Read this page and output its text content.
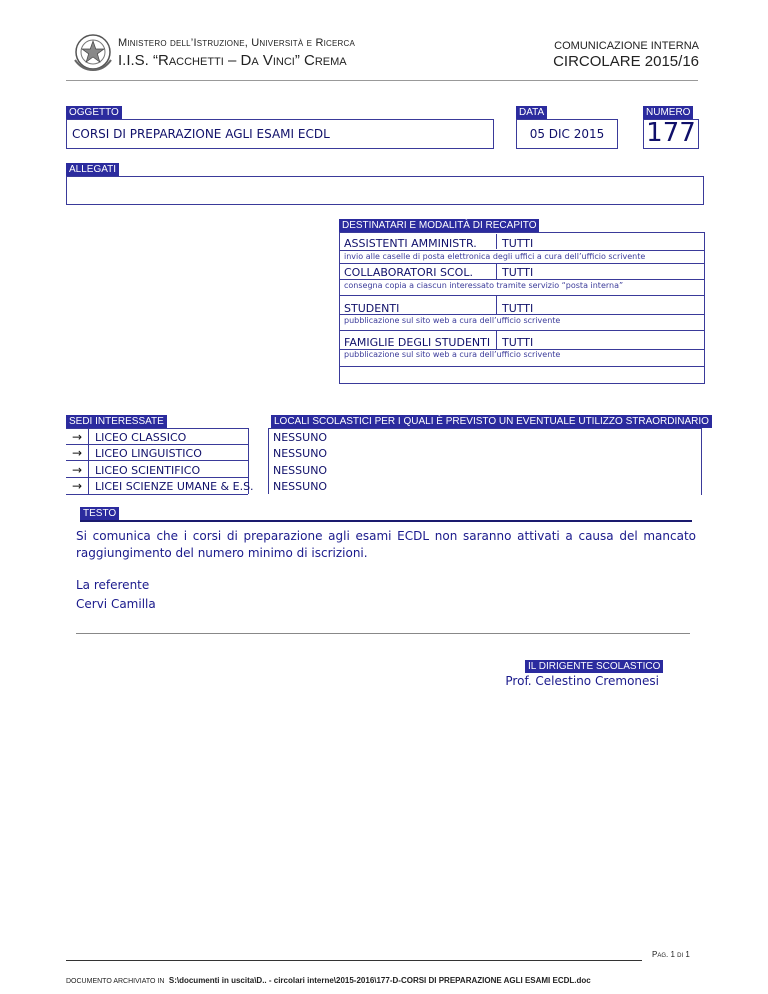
Ministero dell’Istruzione, Università e Ricerca
I.I.S. “Racchetti – Da Vinci” Crema
COMUNICAZIONE INTERNA
CIRCOLARE 2015/16
OGGETTO
CORSI DI PREPARAZIONE AGLI ESAMI ECDL
DATA
05 DIC 2015
NUMERO
177
ALLEGATI
DESTINATARI E MODALITÀ DI RECAPITO
ASSISTENTI AMMINISTR. TUTTI
invio alle caselle di posta elettronica degli uffici a cura dell’ufficio scrivente
COLLABORATORI SCOL.	TUTTI
consegna copia a ciascun interessato tramite servizio “posta interna”
STUDENTI	TUTTI
pubblicazione sul sito web a cura dell’ufficio scrivente
FAMIGLIE DEGLI STUDENTI TUTTI
pubblicazione sul sito web a cura dell’ufficio scrivente
SEDI INTERESSATE	LOCALI SCOLASTICI PER I QUALI È PREVISTO UN EVENTUALE UTILIZZO STRAORDINARIO
→ LICEO CLASSICO	NESSUNO
→ LICEO LINGUISTICO	NESSUNO
→ LICEO SCIENTIFICO	NESSUNO
→ LICEI SCIENZE UMANE & E.S. NESSUNO
TESTO
Si comunica che i corsi di preparazione agli esami ECDL non saranno attivati a causa del mancato raggiungimento del numero minimo di iscrizioni.
La referente
Cervi Camilla
IL DIRIGENTE SCOLASTICO
Prof. Celestino Cremonesi
Pag. 1 di 1
DOCUMENTO ARCHIVIATO IN S:\documenti in uscita\D.. - circolari interne\2015-2016\177-D-CORSI DI PREPARAZIONE AGLI ESAMI ECDL.doc
